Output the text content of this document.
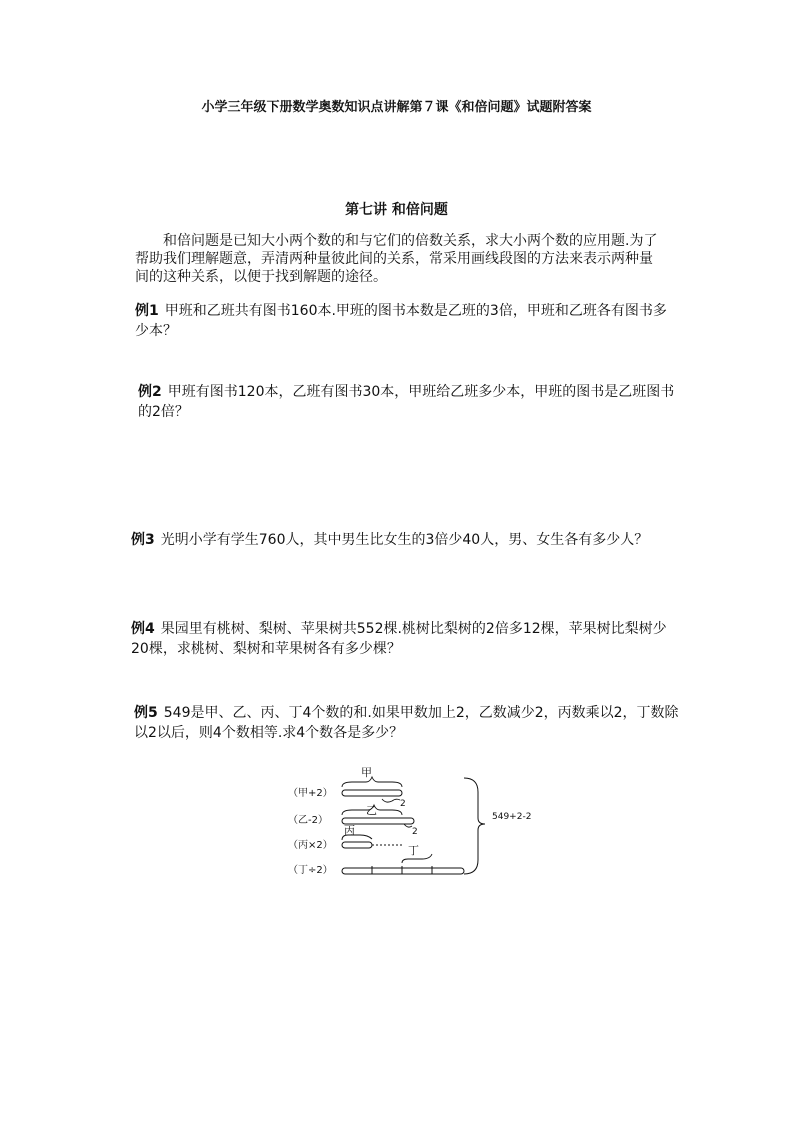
小学三年级下册数学奥数知识点讲解第７课《和倍问题》试题附答案
第七讲 和倍问题
和倍问题是已知大小两个数的和与它们的倍数关系，求大小两个数的应用题.为了帮助我们理解题意，弄清两种量彼此间的关系，常采用画线段图的方法来表示两种量间的这种关系，以便于找到解题的途径。
例1 甲班和乙班共有图书160本.甲班的图书本数是乙班的3倍，甲班和乙班各有图书多少本？
例2 甲班有图书120本，乙班有图书30本，甲班给乙班多少本，甲班的图书是乙班图书的2倍？
例3 光明小学有学生760人，其中男生比女生的3倍少40人，男、女生各有多少人？
例4 果园里有桃树、梨树、苹果树共552棵.桃树比梨树的2倍多12棵，苹果树比梨树少20棵，求桃树、梨树和苹果树各有多少棵？
例5 549是甲、乙、丙、丁4个数的和.如果甲数加上2，乙数减少2，丙数乘以2，丁数除以2以后，则4个数相等.求4个数各是多少？
（甲+2）
（乙-2）
（丙×2）
（丁÷2）
甲
2
乙
2
丙
丁
549+2-2
